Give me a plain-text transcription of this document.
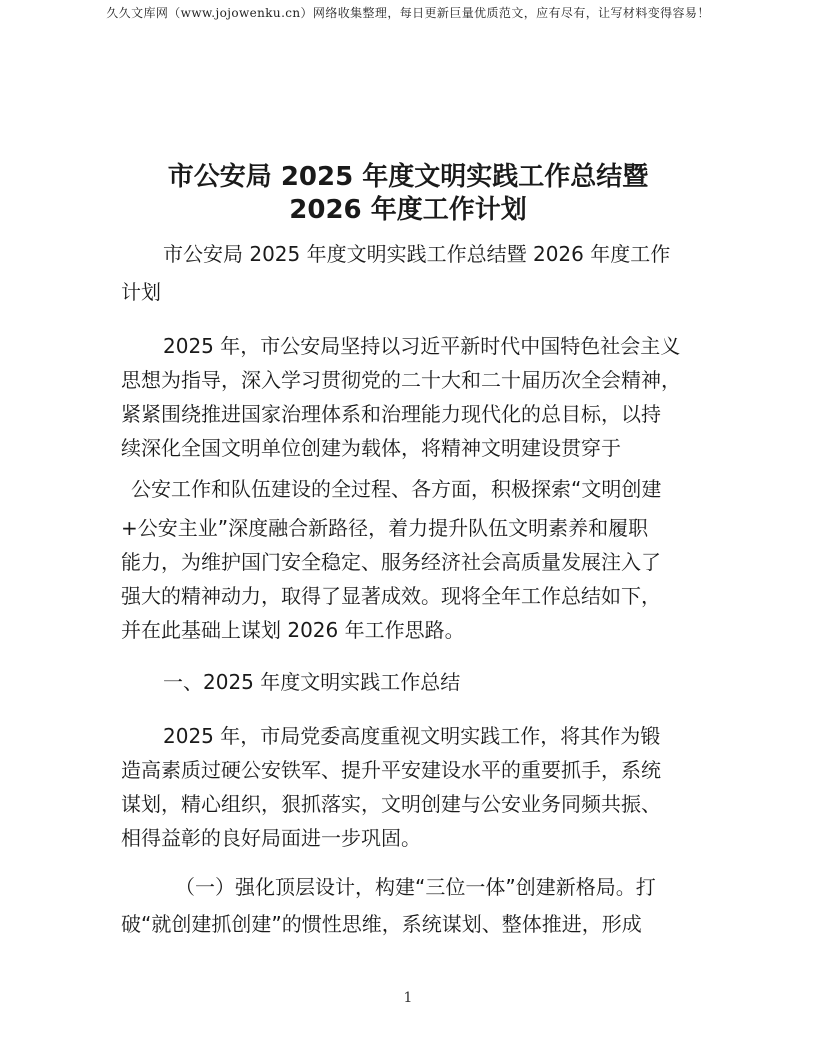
久久文库网（www.jojowenku.cn）网络收集整理，每日更新巨量优质范文，应有尽有，让写材料变得容易！
市公安局 2025 年度文明实践工作总结暨
2026 年度工作计划
市公安局 2025 年度文明实践工作总结暨 2026 年度工作
计划
2025 年，市公安局坚持以习近平新时代中国特色社会主义
思想为指导，深入学习贯彻党的二十大和二十届历次全会精神，
紧紧围绕推进国家治理体系和治理能力现代化的总目标，以持
续深化全国文明单位创建为载体，将精神文明建设贯穿于
公安工作和队伍建设的全过程、各方面，积极探索“文明创建
+公安主业”深度融合新路径，着力提升队伍文明素养和履职
能力，为维护国门安全稳定、服务经济社会高质量发展注入了
强大的精神动力，取得了显著成效。现将全年工作总结如下，
并在此基础上谋划 2026 年工作思路。
一、2025 年度文明实践工作总结
2025 年，市局党委高度重视文明实践工作，将其作为锻
造高素质过硬公安铁军、提升平安建设水平的重要抓手，系统
谋划，精心组织，狠抓落实，文明创建与公安业务同频共振、
相得益彰的良好局面进一步巩固。
（一）强化顶层设计，构建“三位一体”创建新格局。打
破“就创建抓创建”的惯性思维，系统谋划、整体推进，形成
1
